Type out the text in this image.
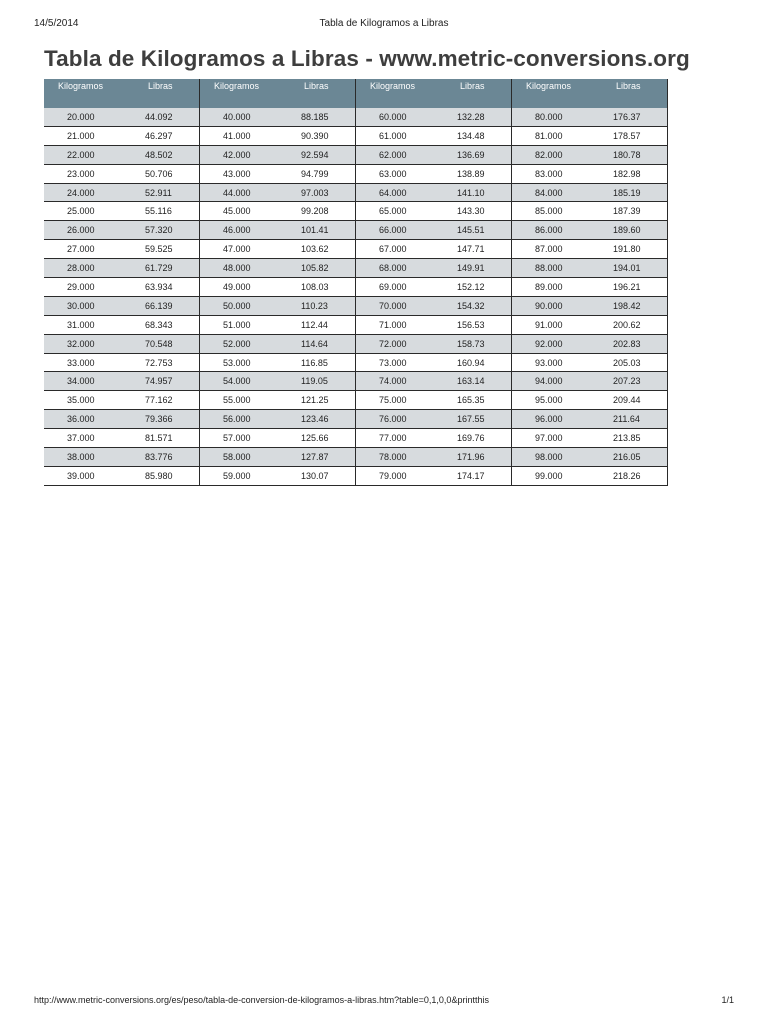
14/5/2014	Tabla de Kilogramos a Libras
Tabla de Kilogramos a Libras - www.metric-conversions.org
Kilogramos	Libras
20.000	44.092
21.000	46.297
22.000	48.502
23.000	50.706
24.000	52.911
25.000	55.116
26.000	57.320
27.000	59.525
28.000	61.729
29.000	63.934
30.000	66.139
31.000	68.343
32.000	70.548
33.000	72.753
34.000	74.957
35.000	77.162
36.000	79.366
37.000	81.571
38.000	83.776
39.000	85.980
Kilogramos	Libras
40.000	88.185
41.000	90.390
42.000	92.594
43.000	94.799
44.000	97.003
45.000	99.208
46.000	101.41
47.000	103.62
48.000	105.82
49.000	108.03
50.000	110.23
51.000	112.44
52.000	114.64
53.000	116.85
54.000	119.05
55.000	121.25
56.000	123.46
57.000	125.66
58.000	127.87
59.000	130.07
Kilogramos	Libras
60.000	132.28
61.000	134.48
62.000	136.69
63.000	138.89
64.000	141.10
65.000	143.30
66.000	145.51
67.000	147.71
68.000	149.91
69.000	152.12
70.000	154.32
71.000	156.53
72.000	158.73
73.000	160.94
74.000	163.14
75.000	165.35
76.000	167.55
77.000	169.76
78.000	171.96
79.000	174.17
Kilogramos	Libras
80.000	176.37
81.000	178.57
82.000	180.78
83.000	182.98
84.000	185.19
85.000	187.39
86.000	189.60
87.000	191.80
88.000	194.01
89.000	196.21
90.000	198.42
91.000	200.62
92.000	202.83
93.000	205.03
94.000	207.23
95.000	209.44
96.000	211.64
97.000	213.85
98.000	216.05
99.000	218.26
http://www.metric-conversions.org/es/peso/tabla-de-conversion-de-kilogramos-a-libras.htm?table=0,1,0,0&printthis	1/1
